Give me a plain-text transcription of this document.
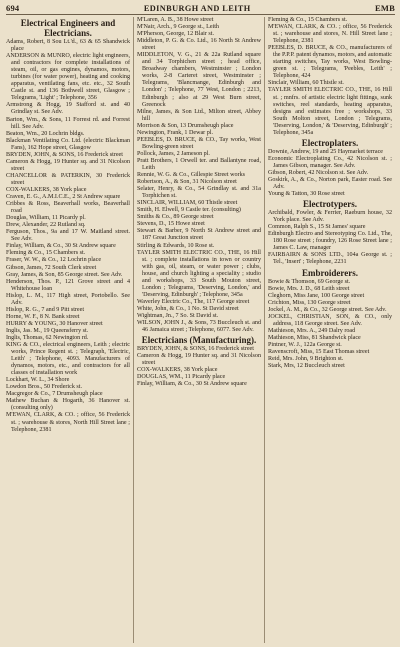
694	EDINBURGH AND LEITH	EMB
Electrical Engineers and Electricians.
Adams, Robert, 8 Sou Lt.'d., 63 & 65 Shandwick place
ANDERSON & MUNRO, electric light engineers, and contractors for complete installations of steam, oil, or gas engines, dynamos, motors, turbines (for water power), heating and cooking apparatus, ventilating fans, etc. etc., 32 South Castle st. and 136 Bothwell street, Glasgow ; Telegrams, 'Light' ; Telephone, 356
Armstrong & Hogg, 19 Stafford st. and 40 Grindlay st. See Adv.
Barton, Wm., & Sons, 11 Forrest rd. and Forrest hill. See Adv.
Beaton, Wm., 20 Lochrin bldgs.
Blackman Ventilating Co. Ltd. (electric Blackman Fans), 162 Hope street, Glasgow
BRYDEN, JOHN, & SONS, 16 Frederick street
Cameron & Hogg, 19 Hunter sq. and 31 Nicolson street
CHANCELLOR & PATERKIN, 30 Frederick street
COX-WALKERS, 38 York place
Craven, E. G., A.M.I.C.E., 2 St Andrew square
Cribbes & Ross, Beaverhall works, Beaverhall road
Douglas, William, 11 Picardy pl.
Drew, Alexander, 22 Rutland sq.
Ferguson, Thos., 9a and 17 W. Maitland street. See Adv.
Finlay, William, & Co., 30 St Andrew square
Fleming & Co., 15 Chambers st.
Fraser, W. W., & Co., 12 Lochrin place
Gibson, James, 72 South Clerk street
Gray, James, & Son, 85 George street. See Adv.
Henderson, Thos. P., 121 Grove street and 4 Whitehouse loan
Hislop, L. M., 117 High street, Portobello. See Adv.
Hislop, R. G., 7 and 9 Pitt street
Horne, W. F., 8 N. Bank street
HURRY & YOUNG, 30 Hanover street
Inglis, Jas. M., 19 Queensferry st.
Inglis, Thomas, 62 Newington rd.
KING & CO., electrical engineers, Leith ; electric works, Prince Regent st. ; Telegraph, 'Electric, Leith' ; Telephone, 4093. Manufacturers of dynamos, motors, etc., and contractors for all classes of installation work
Lockhart, W. L., 34 Shore
Lowdon Bros., 50 Frederick st.
Macgregor & Co., 7 Drumsheugh place
Mathew Buchan & Hogarth, 36 Hanover st. (consulting only)
M'EWAN, CLARK, & CO. ; office, 56 Frederick st. ; warehouse & stores, North Hill Street lane ; Telephone, 2381
M'Laren, A. B., 38 Howe street
M'Nair, Arch., 9 George st., Leith
M'Pherson, George, 12 Blair st.
Middleton, P. G. & Co. Ltd., 16 North St Andrew street
MIDDLETON, V. G., 21 & 22a Rutland square and 34 Torphichen street ; head office, Broadway chambers, Westminster ; London works, 2-8 Carteret street, Westminster ; Telegrams, 'Blancmange, Edinburgh and London' ; Telephone, 77 West, London ; 2213, Edinburgh ; also at 29 West Burn street, Greenock
Milne, James, & Son Ltd., Milton street, Abbey hill
Morrison & Son, 13 Drumsheugh place
Newington, Frank, 1 Dewar pl.
PEEBLES, D. BRUCE, & CO., Tay works, West Bowling-green street
Pollock, James, 2 Jameson pl.
Pratt Brothers, 1 Orwell ter. and Ballantyne road, Leith
Rennie, W. G. & Co., Gillespie Street works
Robertson, A., & Son, 31 Nicolson street
Selater, Henry, & Co., 54 Grindlay st. and 31a Torphichen st.
SINCLAIR, WILLIAM, 60 Thistle street
Smith, H. Elwell, 9 Castle ter. (consulting)
Smiths & Co., 89 George street
Stevens, D., 15 Howe street
Stewart & Barber, 9 North St Andrew street and 187 Great Junction street
Stirling & Edwards, 10 Rose st.
TAYLER SMITH ELECTRIC CO., THE, 16 Hill st. ; complete installations in town or country with gas, oil, steam, or water power ; clubs, house, and church lighting a speciality ; studio and workshops, 33 South Mouton street, London ; Telegrams, 'Deserving, London,' and 'Deserving, Edinburgh' ; Telephone, 345a
Waverley Electric Co., The, 117 George street
White, John, & Co., 1 No. St David street
Wightman, Jn., 7 So. St David st.
WILSON, JOHN J., & Sons, 73 Buccleuch st. and 46 Jamaica street ; Telephone, 6077. See Adv.
Electricians (Manufacturing).
BRYDEN, JOHN, & SONS, 16 Frederick street
Cameron & Hogg, 19 Hunter sq. and 31 Nicolson street
COX-WALKERS, 38 York place
DOUGLAS, WM., 11 Picardy place
Finlay, William, & Co., 30 St Andrew square
Fleming & Co., 15 Chambers st.
M'EWAN, CLARK, & CO. ; office, 56 Frederick st. ; warehouse and stores, N. Hill Street lane ; Telephone, 2381
PEEBLES, D. BRUCE, & CO., manufacturers of the P.P.P. patent dynamos, motors, and automatic starting switches, Tay works, West Bowling-green st. ; Telegrams, 'Peebles, Leith' ; Telephone, 424
Sinclair, William, 60 Thistle st.
TAYLER SMITH ELECTRIC CO., THE, 16 Hill st. ; mnfrs. of artistic electric light fittings, sunk switches, reel standards, heating apparatus, designs and estimates free ; workshops, 33 South Molton street, London ; Telegrams, 'Deserving, London,' & 'Deserving, Edinburgh' ; Telephone, 345a
Electroplaters.
Downie, Andrew, 19 and 25 Haymarket terrace
Economic Electroplating Co., 42 Nicolson st. ; James Gibson, manager. See Adv.
Gibson, Robert, 42 Nicolson st. See Adv.
Goskirk, A., & Co., Norton park, Easter road. See Adv.
Young & Tatton, 30 Rose street
Electrotypers.
Archibald, Fowler, & Ferrier, Raeburn house, 32 York place. See Adv.
Common, Ralph S., 15 St James' square
Edinburgh Electro and Stereotyping Co. Ltd., The, 180 Rose street ; foundry, 126 Rose Street lane ; James C. Law, manager
FAIRBAIRN & SONS LTD., 104a George st. ; Tel., 'Insert' ; Telephone, 2231
Embroiderers.
Bowie & Thomson, 69 George st.
Bowie, Mrs. J. D., 68 Leith street
Cleghorn, Miss Jane, 100 George street
Crichton, Miss, 130 George street
Jockel, A. M., & Co., 32 George street. See Adv.
JOCKEL, CHRISTIAN, SON, & CO., only address, 118 George street. See Adv.
Mathieson, Mrs. A., 249 Dalry road
Mathieson, Miss, 81 Shandwick place
Pintner, W. J., 122a George st.
Ravenscroft, Miss, 15 East Thomas street
Reid, Mrs. John, 9 Brighton st.
Stark, Mrs, 12 Buccleuch street
